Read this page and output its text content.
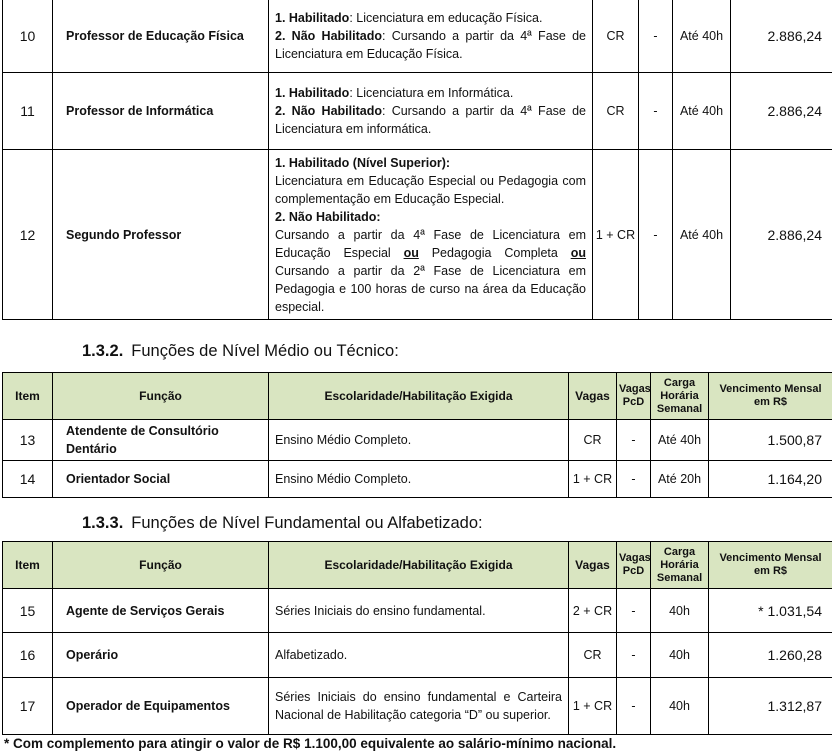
10	Professor de Educação Física	1. Habilitado: Licenciatura em educação Física.
2. Não Habilitado: Cursando a partir da 4ª Fase de Licenciatura em Educação Física.	CR	-	Até 40h	2.886,24
11	Professor de Informática	1. Habilitado: Licenciatura em Informática.
2. Não Habilitado: Cursando a partir da 4ª Fase de Licenciatura em informática.	CR	-	Até 40h	2.886,24
12	Segundo Professor	1. Habilitado (Nível Superior):
Licenciatura em Educação Especial ou Pedagogia com complementação em Educação Especial.
2. Não Habilitado:
Cursando a partir da 4ª Fase de Licenciatura em Educação Especial ou Pedagogia Completa ou Cursando a partir da 2ª Fase de Licenciatura em Pedagogia e 100 horas de curso na área da Educação especial.	1 + CR	-	Até 40h	2.886,24
1.3.2. Funções de Nível Médio ou Técnico:
Item	Função	Escolaridade/Habilitação Exigida	Vagas	Vagas PcD	Carga Horária Semanal	Vencimento Mensal em R$
13	Atendente de Consultório Dentário	Ensino Médio Completo.	CR	-	Até 40h	1.500,87
14	Orientador Social	Ensino Médio Completo.	1 + CR	-	Até 20h	1.164,20
1.3.3. Funções de Nível Fundamental ou Alfabetizado:
Item	Função	Escolaridade/Habilitação Exigida	Vagas	Vagas PcD	Carga Horária Semanal	Vencimento Mensal em R$
15	Agente de Serviços Gerais	Séries Iniciais do ensino fundamental.	2 + CR	-	40h	* 1.031,54
16	Operário	Alfabetizado.	CR	-	40h	1.260,28
17	Operador de Equipamentos	Séries Iniciais do ensino fundamental e Carteira Nacional de Habilitação categoria “D” ou superior.	1 + CR	-	40h	1.312,87
* Com complemento para atingir o valor de R$ 1.100,00 equivalente ao salário-mínimo nacional.
